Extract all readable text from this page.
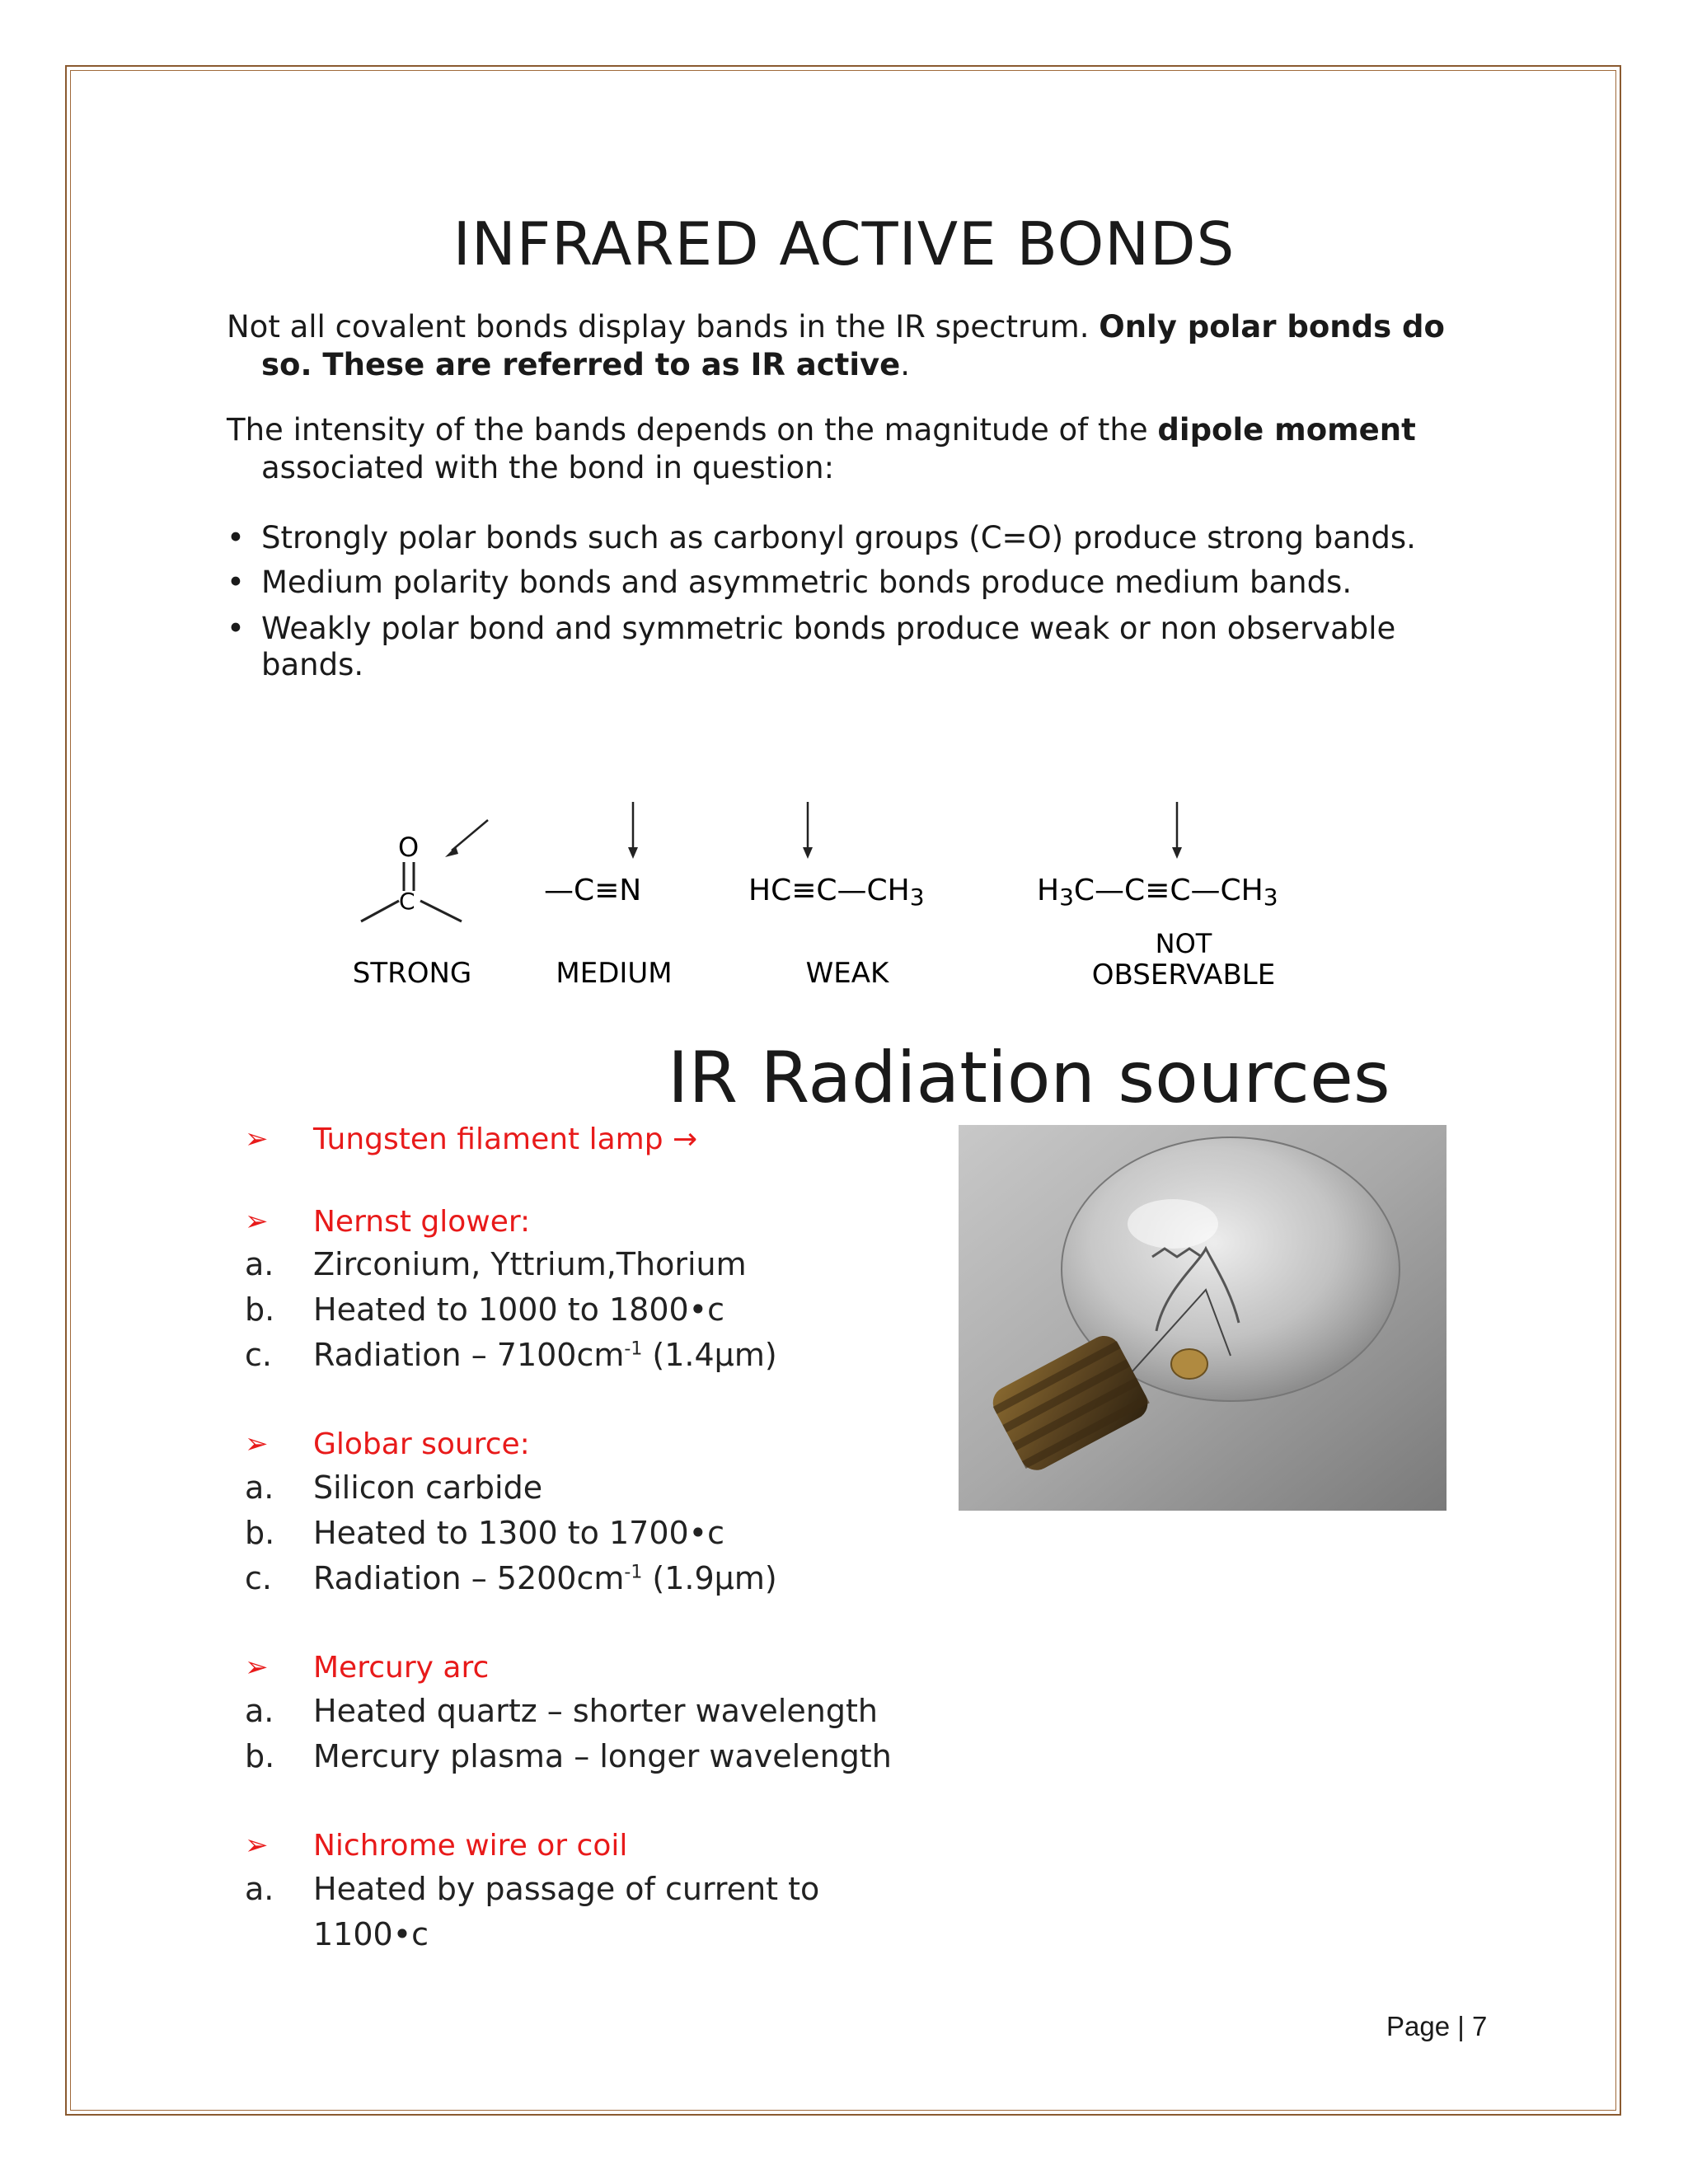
INFRARED ACTIVE BONDS
Not all covalent bonds display bands in the IR spectrum. Only polar bonds do
so. These are referred to as IR active.
The intensity of the bands depends on the magnitude of the dipole moment
associated with the bond in question:
• Strongly polar bonds such as carbonyl groups (C=O) produce strong bands.
• Medium polarity bonds and asymmetric bonds produce medium bands.
• Weakly polar bond and symmetric bonds produce weak or non observable
bands.
O
C
STRONG
—C≡N
MEDIUM
HC≡C—CH3
WEAK
H3C—C≡C—CH3
NOT
OBSERVABLE
IR Radiation sources
➢ Tungsten filament lamp →
➢ Nernst glower:
a. Zirconium, Yttrium,Thorium
b. Heated to 1000 to 1800•c
c. Radiation – $7100cm^{-1}$ (1.4μm)
➢ Globar source:
a. Silicon carbide
b. Heated to 1300 to 1700•c
c. Radiation – $5200cm^{-1}$ (1.9μm)
➢ Mercury arc
a. Heated quartz – shorter wavelength
b. Mercury plasma – longer wavelength
➢ Nichrome wire or coil
a. Heated by passage of current to
1100•c
Page | 7
